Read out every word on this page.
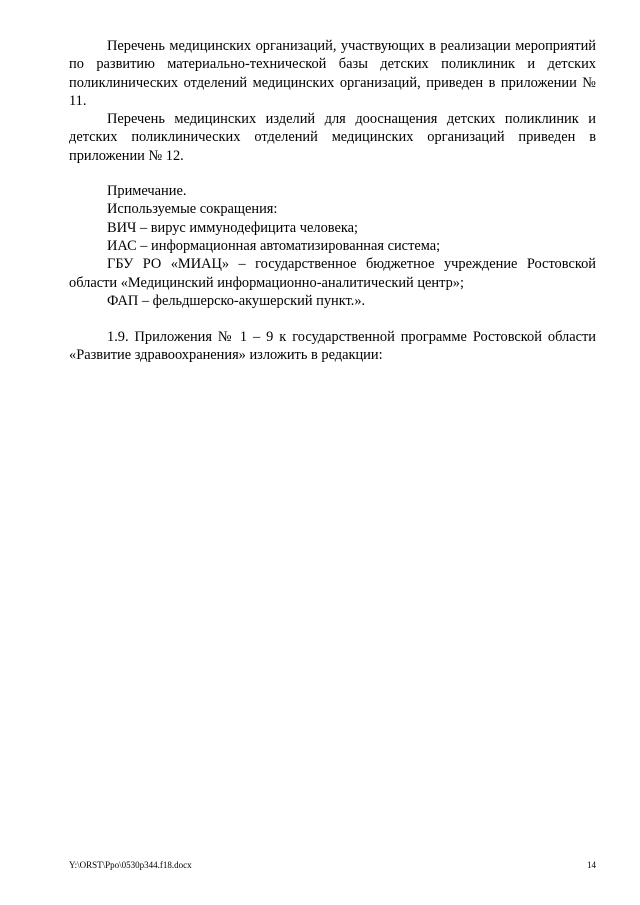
Перечень медицинских организаций, участвующих в реализации мероприятий по развитию материально-технической базы детских поликлиник и детских поликлинических отделений медицинских организаций, приведен в приложении № 11.

Перечень медицинских изделий для дооснащения детских поликлиник и детских поликлинических отделений медицинских организаций приведен в приложении № 12.

Примечание.

Используемые сокращения:

ВИЧ – вирус иммунодефицита человека;

ИАС – информационная автоматизированная система;

ГБУ РО «МИАЦ» – государственное бюджетное учреждение Ростовской области «Медицинский информационно-аналитический центр»;

ФАП – фельдшерско-акушерский пункт.».

1.9. Приложения № 1 – 9 к государственной программе Ростовской области «Развитие здравоохранения» изложить в редакции:

Y:\ORST\Ppo\0530p344.f18.docx	14
